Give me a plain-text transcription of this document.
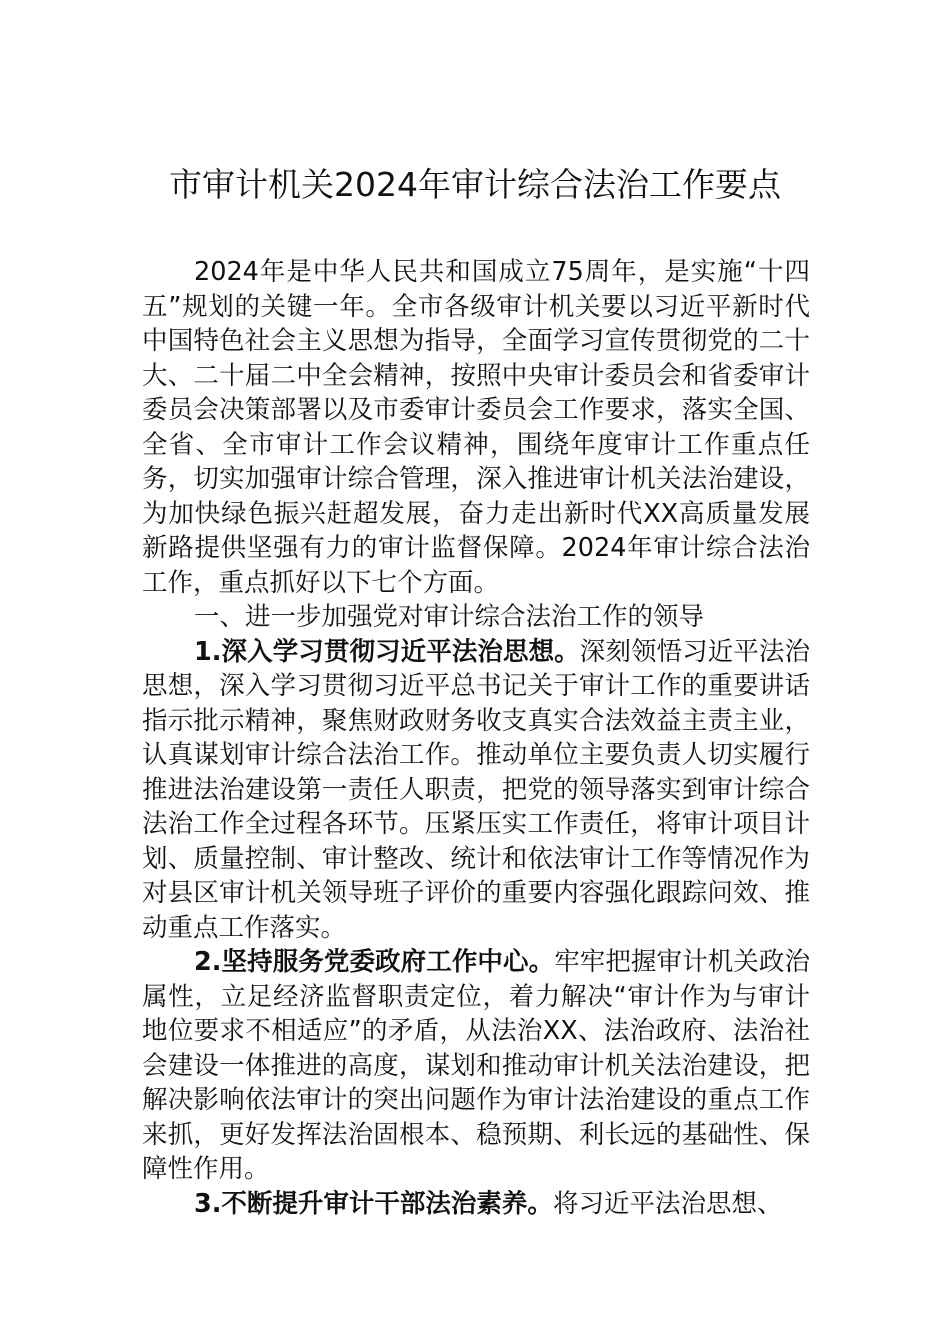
市审计机关2024年审计综合法治工作要点

2024年是中华人民共和国成立75周年，是实施“十四五”规划的关键一年。全市各级审计机关要以习近平新时代中国特色社会主义思想为指导，全面学习宣传贯彻党的二十大、二十届二中全会精神，按照中央审计委员会和省委审计委员会决策部署以及市委审计委员会工作要求，落实全国、全省、全市审计工作会议精神，围绕年度审计工作重点任务，切实加强审计综合管理，深入推进审计机关法治建设，为加快绿色振兴赶超发展，奋力走出新时代XX高质量发展新路提供坚强有力的审计监督保障。2024年审计综合法治工作，重点抓好以下七个方面。

一、进一步加强党对审计综合法治工作的领导

1.深入学习贯彻习近平法治思想。深刻领悟习近平法治思想，深入学习贯彻习近平总书记关于审计工作的重要讲话指示批示精神，聚焦财政财务收支真实合法效益主责主业，认真谋划审计综合法治工作。推动单位主要负责人切实履行推进法治建设第一责任人职责，把党的领导落实到审计综合法治工作全过程各环节。压紧压实工作责任，将审计项目计划、质量控制、审计整改、统计和依法审计工作等情况作为对县区审计机关领导班子评价的重要内容强化跟踪问效、推动重点工作落实。

2.坚持服务党委政府工作中心。牢牢把握审计机关政治属性，立足经济监督职责定位，着力解决“审计作为与审计地位要求不相适应”的矛盾，从法治XX、法治政府、法治社会建设一体推进的高度，谋划和推动审计机关法治建设，把解决影响依法审计的突出问题作为审计法治建设的重点工作来抓，更好发挥法治固根本、稳预期、利长远的基础性、保障性作用。

3.不断提升审计干部法治素养。将习近平法治思想、
